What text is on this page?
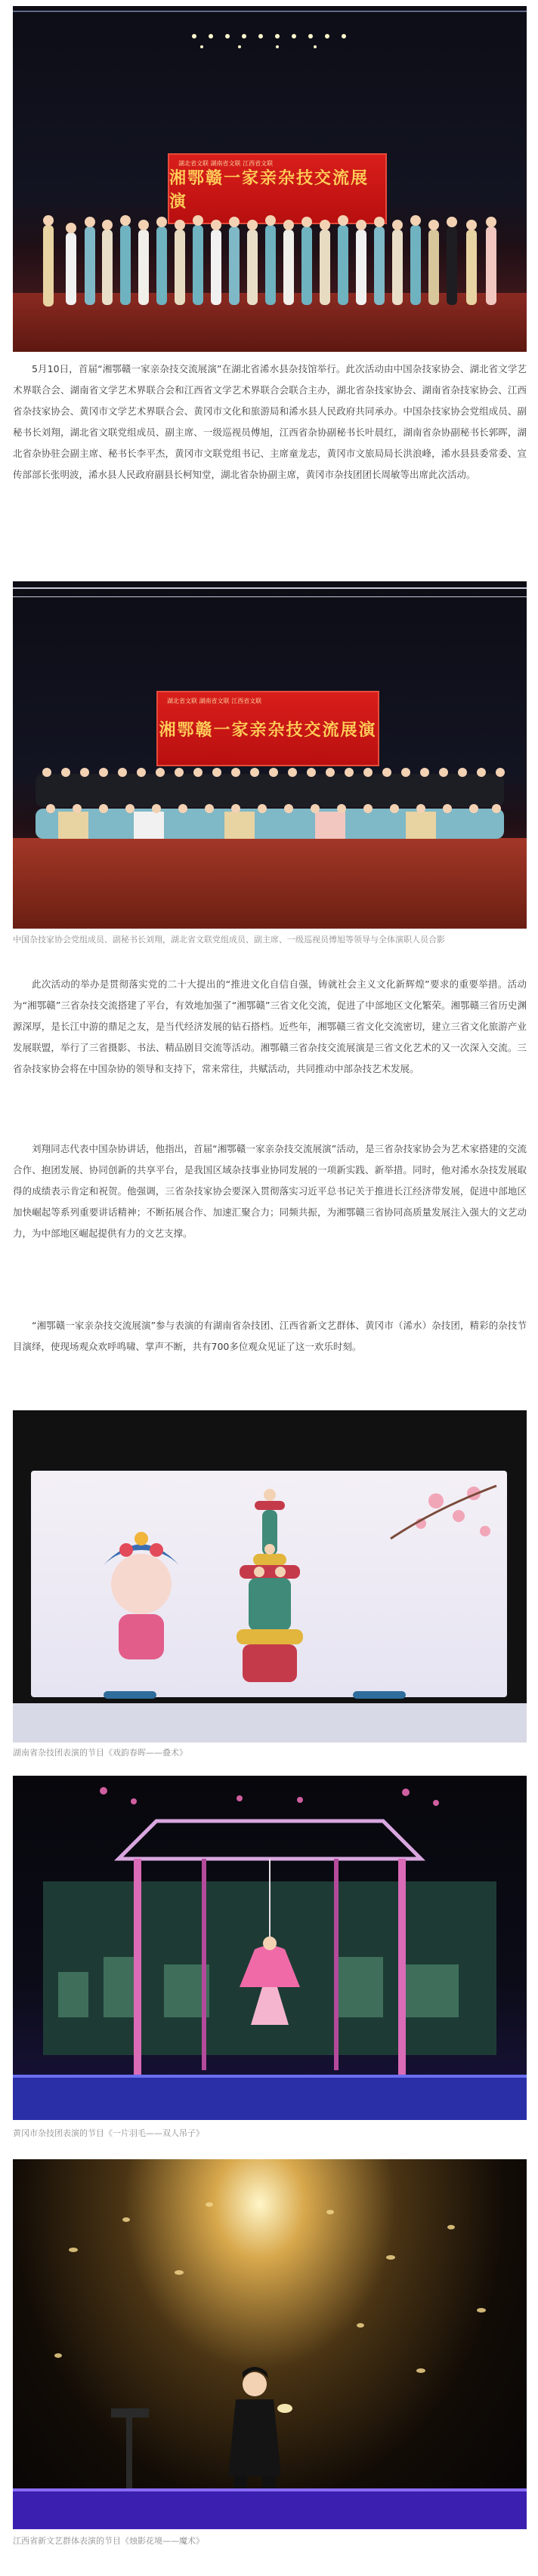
湖北省文联 湖南省文联 江西省文联
湘鄂赣一家亲杂技交流展演
5月10日，首届“湘鄂赣一家亲杂技交流展演”在湖北省浠水县杂技馆举行。此次活动由中国杂技家协会、湖北省文学艺术界联合会、湖南省文学艺术界联合会和江西省文学艺术界联合会联合主办，湖北省杂技家协会、湖南省杂技家协会、江西省杂技家协会、黄冈市文学艺术界联合会、黄冈市文化和旅游局和浠水县人民政府共同承办。中国杂技家协会党组成员、副秘书长刘翔，湖北省文联党组成员、副主席、一级巡视员傅旭，江西省杂协副秘书长叶晨红，湖南省杂协副秘书长郭晖，湖北省杂协驻会副主席、秘书长李平杰，黄冈市文联党组书记、主席童龙志，黄冈市文旅局局长洪浪峰，浠水县县委常委、宣传部部长张明波，浠水县人民政府副县长柯知堂，湖北省杂协副主席，黄冈市杂技团团长周敏等出席此次活动。
湖北省文联 湖南省文联 江西省文联
湘鄂赣一家亲杂技交流展演
中国杂技家协会党组成员、副秘书长刘翔，湖北省文联党组成员、副主席、一级巡视员傅旭等领导与全体演职人员合影
此次活动的举办是贯彻落实党的二十大提出的“推进文化自信自强，铸就社会主义文化新辉煌”要求的重要举措。活动为“湘鄂赣”三省杂技交流搭建了平台，有效地加强了“湘鄂赣”三省文化交流，促进了中部地区文化繁荣。湘鄂赣三省历史渊源深厚，是长江中游的鼎足之友，是当代经济发展的钻石搭档。近些年，湘鄂赣三省文化交流密切，建立三省文化旅游产业发展联盟，举行了三省摄影、书法、精品剧目交流等活动。湘鄂赣三省杂技交流展演是三省文化艺术的又一次深入交流。三省杂技家协会将在中国杂协的领导和支持下，常来常往，共赋活动，共同推动中部杂技艺术发展。
刘翔同志代表中国杂协讲话，他指出，首届“湘鄂赣一家亲杂技交流展演”活动，是三省杂技家协会为艺术家搭建的交流合作、抱团发展、协同创新的共享平台，是我国区域杂技事业协同发展的一项新实践、新举措。同时，他对浠水杂技发展取得的成绩表示肯定和祝贺。他强调，三省杂技家协会要深入贯彻落实习近平总书记关于推进长江经济带发展，促进中部地区加快崛起等系列重要讲话精神；不断拓展合作、加速汇聚合力；同频共振，为湘鄂赣三省协同高质量发展注入强大的文艺动力，为中部地区崛起提供有力的文艺支撑。
“湘鄂赣一家亲杂技交流展演”参与表演的有湖南省杂技团、江西省新文艺群体、黄冈市（浠水）杂技团，精彩的杂技节目演绎，使现场观众欢呼鸣啸、掌声不断，共有700多位观众见证了这一欢乐时刻。
湖南省杂技团表演的节目《戏韵春晖——叠术》
黄冈市杂技团表演的节目《一片羽毛——双人吊子》
江西省新文艺群体表演的节目《烛影花境——魔术》
